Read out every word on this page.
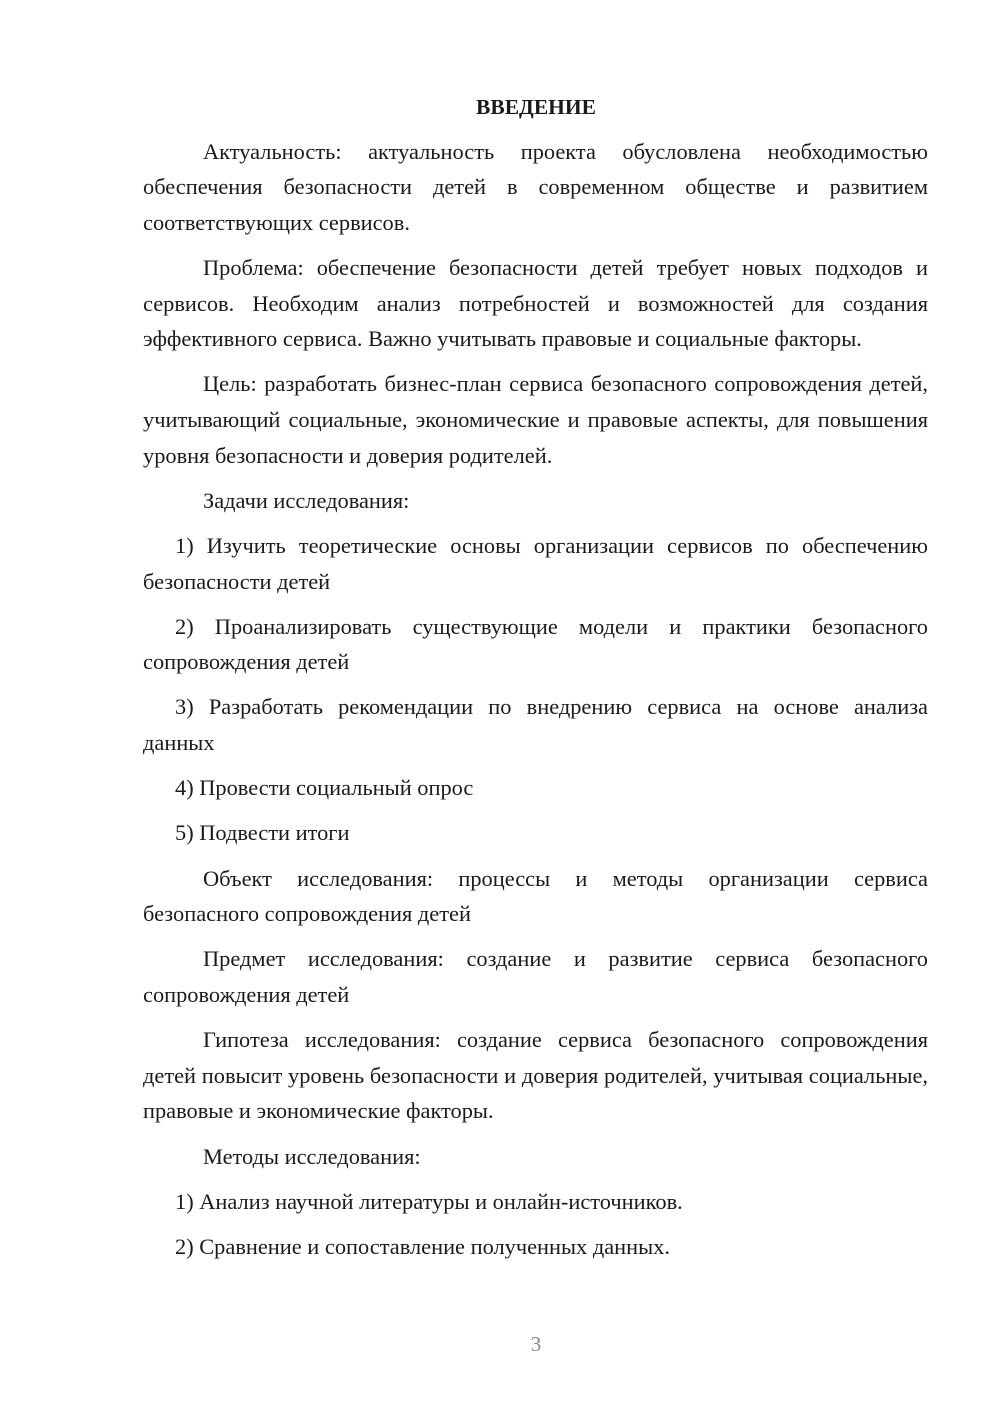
ВВЕДЕНИЕ

Актуальность: актуальность проекта обусловлена необходимостью обеспечения безопасности детей в современном обществе и развитием соответствующих сервисов.

Проблема: обеспечение безопасности детей требует новых подходов и сервисов. Необходим анализ потребностей и возможностей для создания эффективного сервиса. Важно учитывать правовые и социальные факторы.

Цель: разработать бизнес-план сервиса безопасного сопровождения детей, учитывающий социальные, экономические и правовые аспекты, для повышения уровня безопасности и доверия родителей.

Задачи исследования:

1) Изучить теоретические основы организации сервисов по обеспечению безопасности детей

2) Проанализировать существующие модели и практики безопасного сопровождения детей

3) Разработать рекомендации по внедрению сервиса на основе анализа данных

4) Провести социальный опрос

5) Подвести итоги

Объект исследования: процессы и методы организации сервиса безопасного сопровождения детей

Предмет исследования: создание и развитие сервиса безопасного сопровождения детей

Гипотеза исследования: создание сервиса безопасного сопровождения детей повысит уровень безопасности и доверия родителей, учитывая социальные, правовые и экономические факторы.

Методы исследования:

1) Анализ научной литературы и онлайн-источников.

2) Сравнение и сопоставление полученных данных.

3
